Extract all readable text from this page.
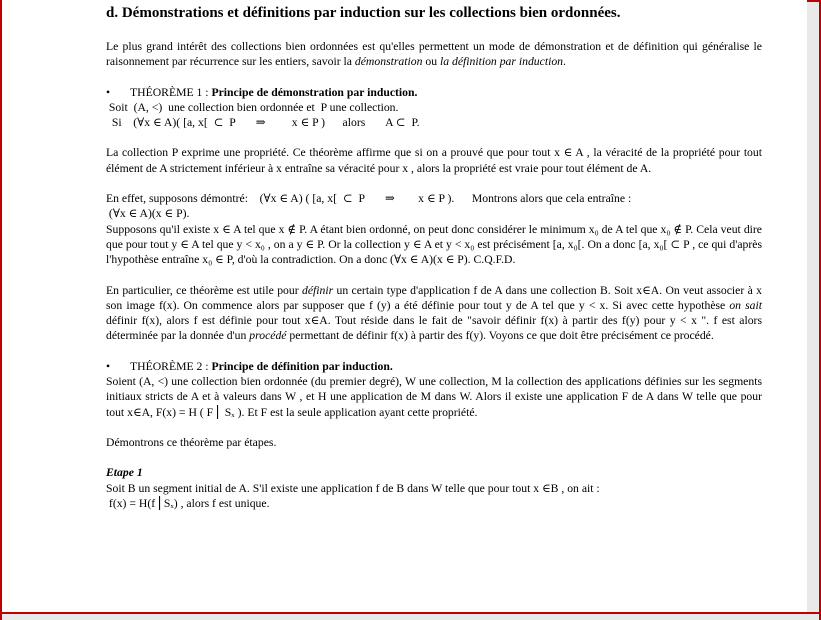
d. Démonstrations et définitions par induction sur les collections bien ordonnées.
Le plus grand intérêt des collections bien ordonnées est qu'elles permettent un mode de démonstration et de définition qui généralise le raisonnement par récurrence sur les entiers, savoir la démonstration ou la définition par induction.
• THÉORÈME 1 : Principe de démonstration par induction.
Soit  (A, <)  une collection bien ordonnée et  P une collection.
Si    (∀x ∈ A)( [a, x[  ⊂  P       ⇒         x ∈ P )      alors       A ⊂  P.
La collection P exprime une propriété. Ce théorème affirme que si on a prouvé que pour tout x ∈ A , la véracité de la propriété pour tout élément de A strictement inférieur à x entraîne sa véracité pour x , alors la propriété est vraie pour tout élément de A.
En effet, supposons démontré:    (∀x ∈ A) ( [a, x[  ⊂  P       ⇒        x ∈ P ).      Montrons alors que cela entraîne :
(∀x ∈ A)(x ∈ P).
Supposons qu'il existe x ∈ A tel que x ∉ P. A étant bien ordonné, on peut donc considérer le minimum x₀ de A tel que x₀ ∉ P. Cela veut dire que pour tout y ∈ A tel que y < x₀ , on a y ∈ P. Or la collection y ∈ A et y < x₀ est précisément [a, x₀[. On a donc [a, x₀[ ⊂ P , ce qui d'après l'hypothèse entraîne x₀ ∈ P, d'où la contradiction. On a donc (∀x ∈ A)(x ∈ P). C.Q.F.D.
En particulier, ce théorème est utile pour définir un certain type d'application f de A dans une collection B. Soit x∈A. On veut associer à x son image f(x). On commence alors par supposer que f (y) a été définie pour tout y de A tel que y < x. Si avec cette hypothèse on sait définir f(x), alors f est définie pour tout x∈A. Tout réside dans le fait de "savoir définir f(x) à partir des f(y) pour y < x ". f est alors déterminée par la donnée d'un procédé permettant de définir f(x) à partir des f(y). Voyons ce que doit être précisément ce procédé.
• THÉORÈME 2 : Principe de définition par induction.
Soient (A, <) une collection bien ordonnée (du premier degré), W une collection, M la collection des applications définies sur les segments initiaux stricts de A et à valeurs dans W , et H une application de M dans W. Alors il existe une application F de A dans W telle que pour tout x∈A, F(x) = H ( F⎪ Sₓ ). Et F est la seule application ayant cette propriété.
Démontrons ce théorème par étapes.
Etape 1
Soit B un segment initial de A. S'il existe une application f de B dans W telle que pour tout x ∈B , on ait :
f(x) = H(f⎪Sₓ) , alors f est unique.
